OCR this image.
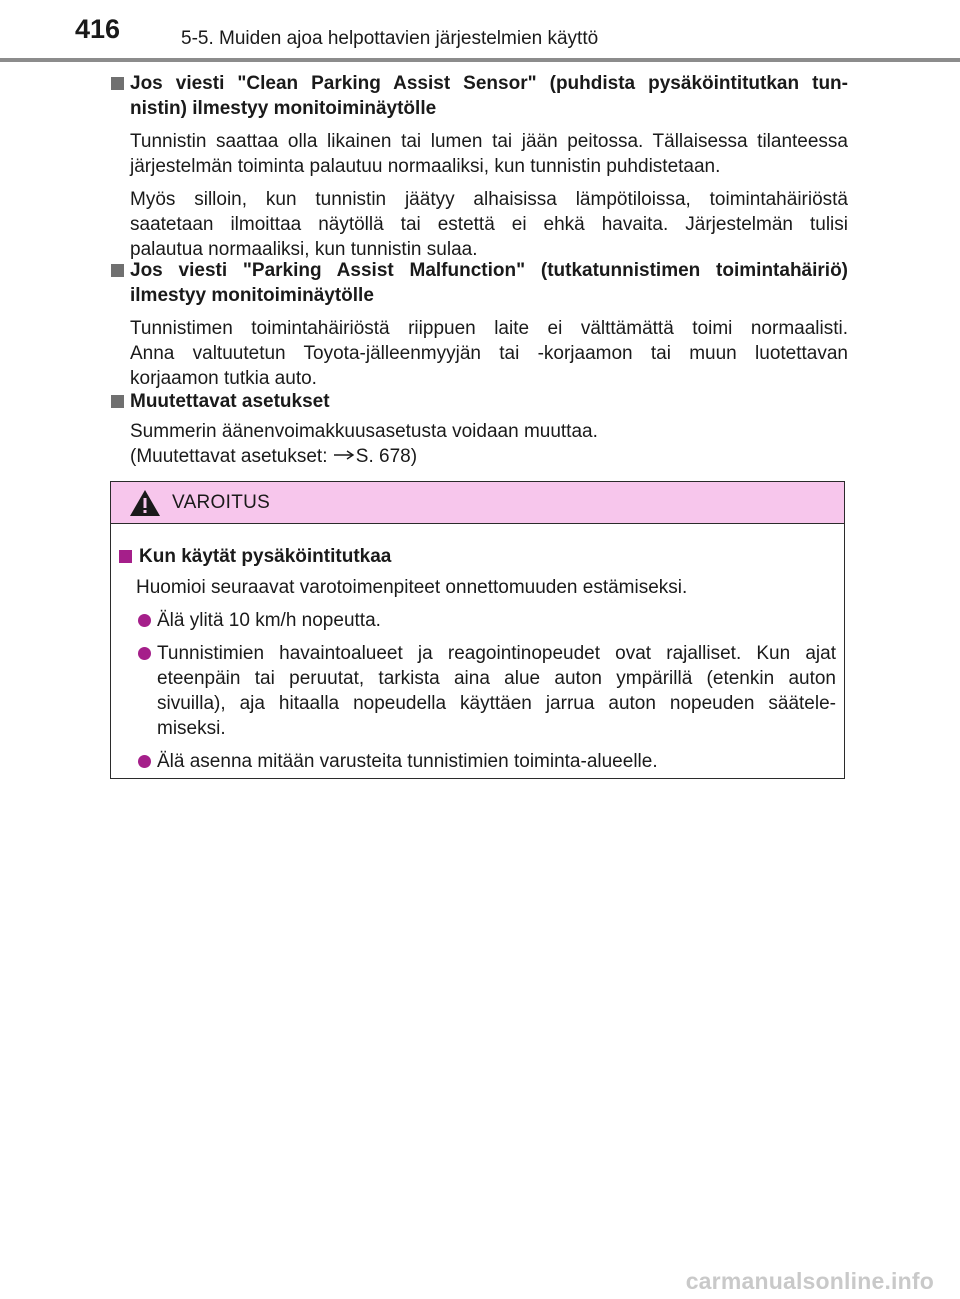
416	5-5. Muiden ajoa helpottavien järjestelmien käyttö
Jos viesti "Clean Parking Assist Sensor" (puhdista pysäköintitutkan tun-
nistin) ilmestyy monitoiminäytölle
Tunnistin saattaa olla likainen tai lumen tai jään peitossa. Tällaisessa tilanteessa
järjestelmän toiminta palautuu normaaliksi, kun tunnistin puhdistetaan.
Myös silloin, kun tunnistin jäätyy alhaisissa lämpötiloissa, toimintahäiriöstä
saatetaan ilmoittaa näytöllä tai estettä ei ehkä havaita. Järjestelmän tulisi
palautua normaaliksi, kun tunnistin sulaa.
Jos viesti "Parking Assist Malfunction" (tutkatunnistimen toimintahäiriö)
ilmestyy monitoiminäytölle
Tunnistimen toimintahäiriöstä riippuen laite ei välttämättä toimi normaalisti.
Anna valtuutetun Toyota-jälleenmyyjän tai -korjaamon tai muun luotettavan
korjaamon tutkia auto.
Muutettavat asetukset
Summerin äänenvoimakkuusasetusta voidaan muuttaa.
(Muutettavat asetukset: S. 678)
VAROITUS
Kun käytät pysäköintitutkaa
Huomioi seuraavat varotoimenpiteet onnettomuuden estämiseksi.
Älä ylitä 10 km/h nopeutta.
Tunnistimien havaintoalueet ja reagointinopeudet ovat rajalliset. Kun ajat
eteenpäin tai peruutat, tarkista aina alue auton ympärillä (etenkin auton
sivuilla), aja hitaalla nopeudella käyttäen jarrua auton nopeuden säätele-
miseksi.
Älä asenna mitään varusteita tunnistimien toiminta-alueelle.
carmanualsonline.info
